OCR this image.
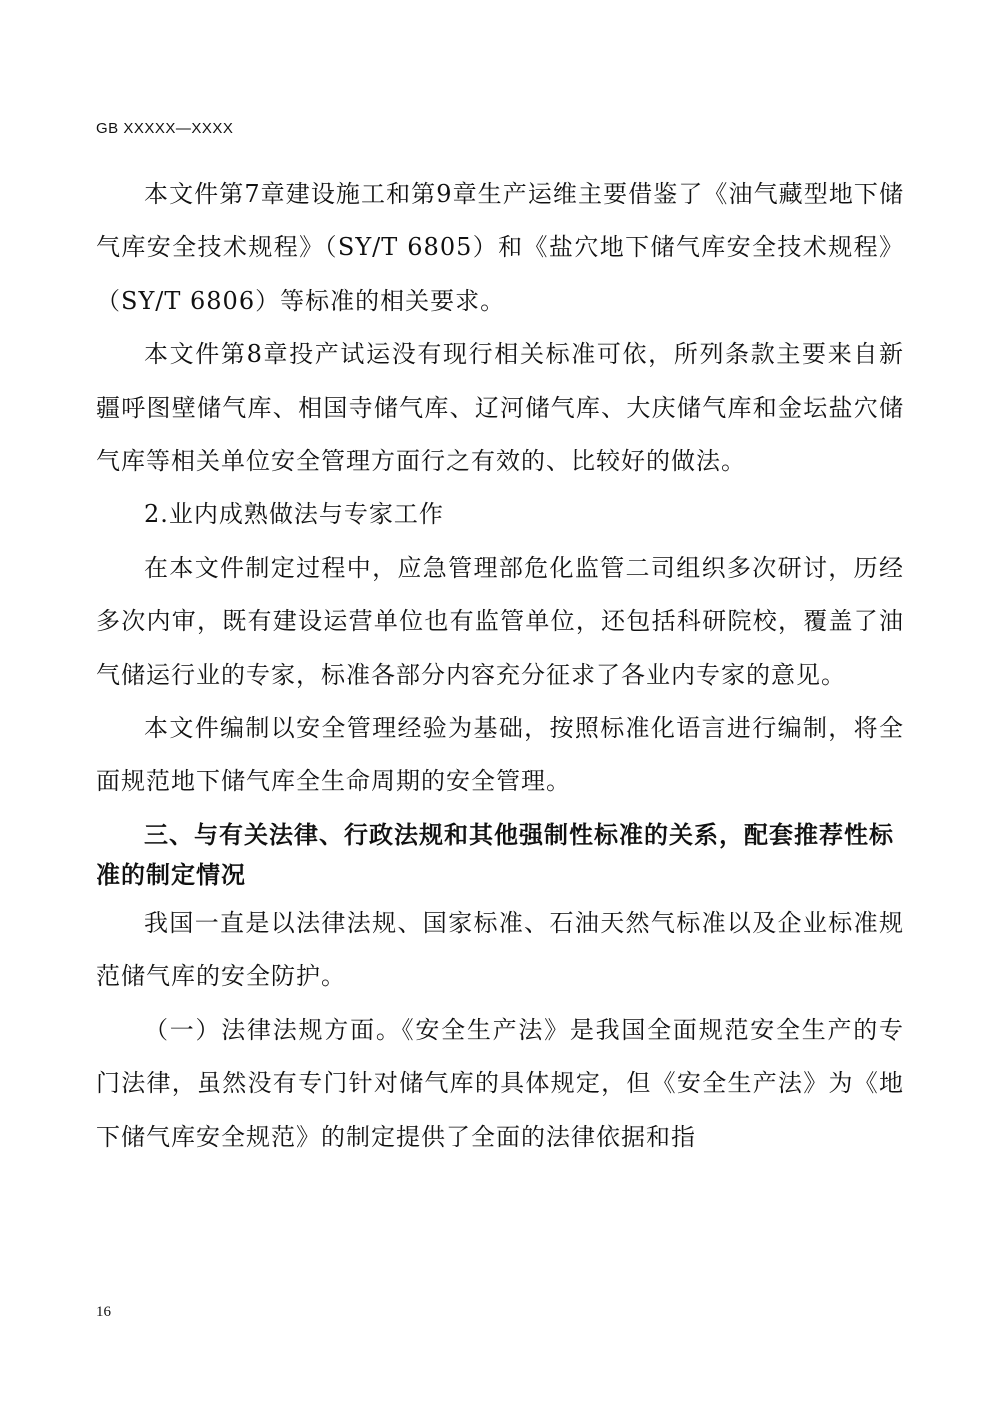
GB XXXXX—XXXX

本文件第7章建设施工和第9章生产运维主要借鉴了《油气藏型地下储气库安全技术规程》（SY/T 6805）和《盐穴地下储气库安全技术规程》（SY/T 6806）等标准的相关要求。

本文件第8章投产试运没有现行相关标准可依，所列条款主要来自新疆呼图壁储气库、相国寺储气库、辽河储气库、大庆储气库和金坛盐穴储气库等相关单位安全管理方面行之有效的、比较好的做法。

2.业内成熟做法与专家工作

在本文件制定过程中，应急管理部危化监管二司组织多次研讨，历经多次内审，既有建设运营单位也有监管单位，还包括科研院校，覆盖了油气储运行业的专家，标准各部分内容充分征求了各业内专家的意见。

本文件编制以安全管理经验为基础，按照标准化语言进行编制，将全面规范地下储气库全生命周期的安全管理。

三、与有关法律、行政法规和其他强制性标准的关系，配套推荐性标准的制定情况

我国一直是以法律法规、国家标准、石油天然气标准以及企业标准规范储气库的安全防护。

（一）法律法规方面。《安全生产法》是我国全面规范安全生产的专门法律，虽然没有专门针对储气库的具体规定，但《安全生产法》为《地下储气库安全规范》的制定提供了全面的法律依据和指

16
